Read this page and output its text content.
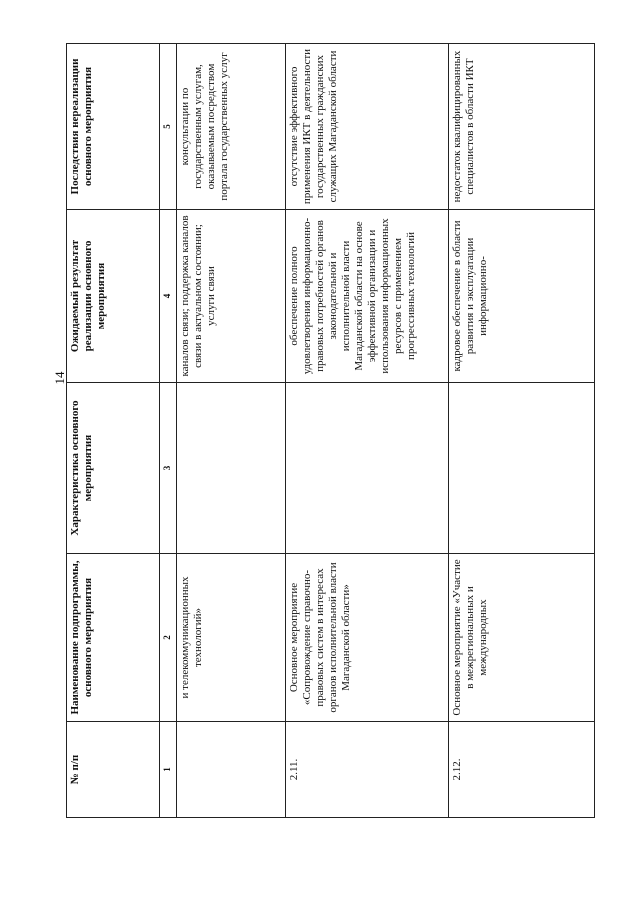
14
№ п/п	Наименование подпрограммы, основного мероприятия	Характеристика основного мероприятия	Ожидаемый результат реализации основного мероприятия	Последствия нереализации основного мероприятия
1	2	3	4	5
	и телекоммуникационных технологий»		каналов связи; поддержка каналов связи в актуальном состоянии; услуги связи	консультации по государственным услугам, оказываемым посредством портала государственных услуг
2.11.	Основное мероприятие «Сопровождение справочно-правовых систем в интересах органов исполнительной власти Магаданской области»		обеспечение полного удовлетворения информационно-правовых потребностей органов законодательной и исполнительной власти Магаданской области на основе эффективной организации и использования информационных ресурсов с применением прогрессивных технологий	отсутствие эффективного применения ИКТ в деятельности государственных гражданских служащих Магаданской области
2.12.	Основное мероприятие «Участие в межрегиональных и международных		кадровое обеспечение в области развития и эксплуатации информационно-	недостаток квалифицированных специалистов в области ИКТ
